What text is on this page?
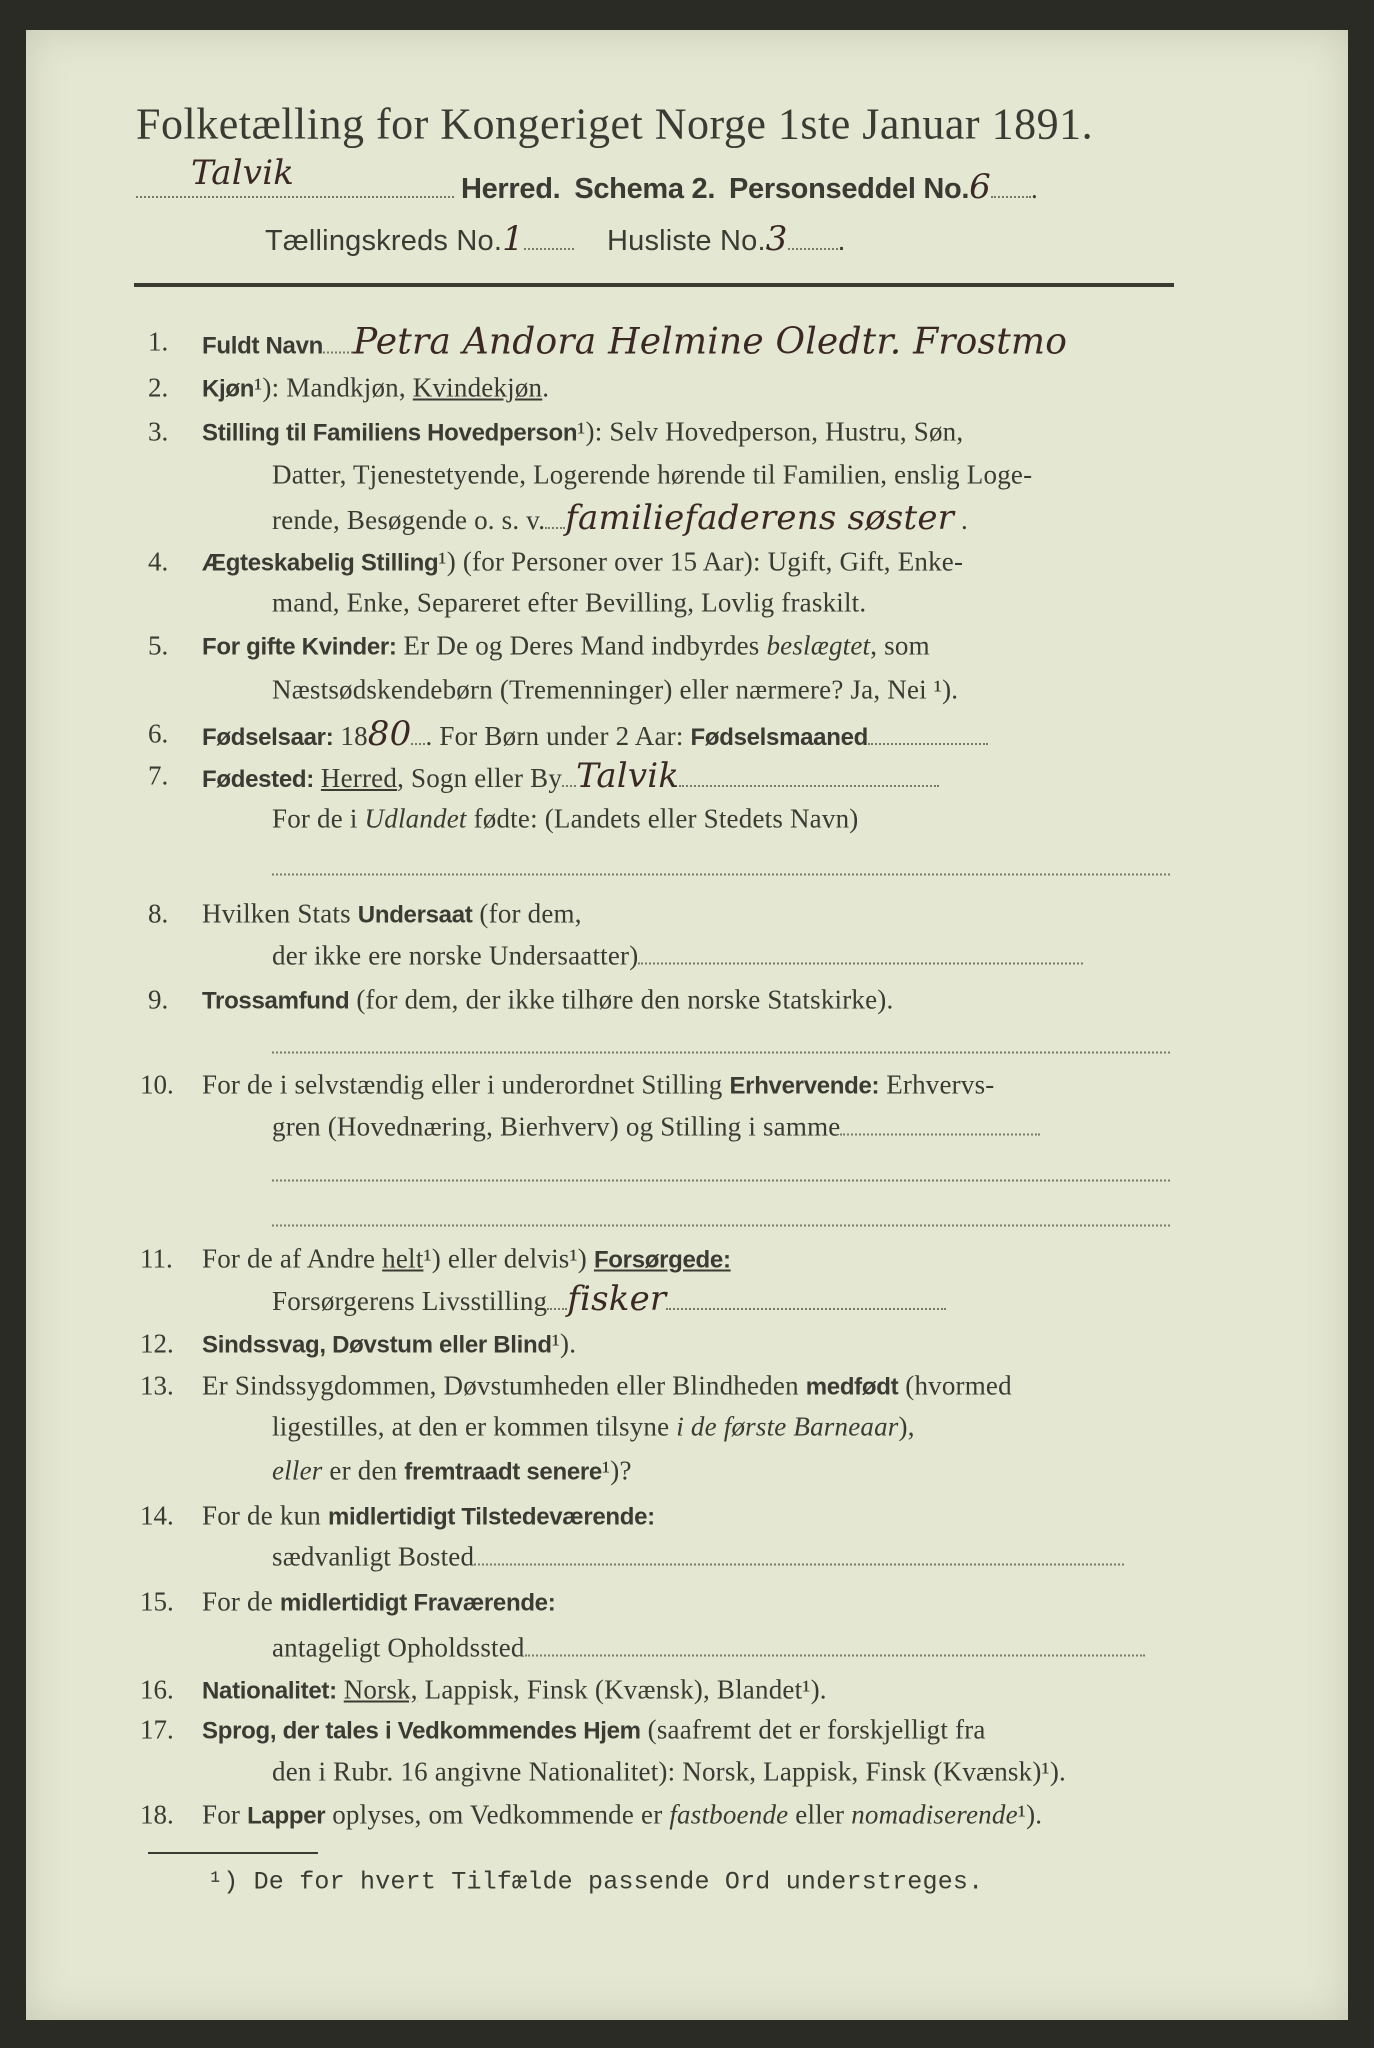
Folketælling for Kongeriget Norge 1ste Januar 1891.
Talvik	Herred. Schema 2. Personseddel No.6 .
Tællingskreds No.1	Husliste No.3 .
1. Fuldt Navn Petra Andora Helmine Oledtr. Frostmo
2. Kjøn¹): Mandkjøn, Kvindekjøn.
3. Stilling til Familiens Hovedperson¹): Selv Hovedperson, Hustru, Søn,
Datter, Tjenestetyende, Logerende hørende til Familien, enslig Loge-
rende, Besøgende o. s. v. familiefaderens søster .
4. Ægteskabelig Stilling¹) (for Personer over 15 Aar): Ugift, Gift, Enke-
mand, Enke, Separeret efter Bevilling, Lovlig fraskilt.
5. For gifte Kvinder: Er De og Deres Mand indbyrdes beslægtet, som
Næstsødskendebørn (Tremenninger) eller nærmere? Ja, Nei ¹).
6. Fødselsaar: 1880 . For Børn under 2 Aar: Fødselsmaaned
7. Fødested: Herred, Sogn eller By Talvik
For de i Udlandet fødte: (Landets eller Stedets Navn)
8. Hvilken Stats Undersaat (for dem,
der ikke ere norske Undersaatter)
9. Trossamfund (for dem, der ikke tilhøre den norske Statskirke).
10. For de i selvstændig eller i underordnet Stilling Erhvervende: Erhvervs-
gren (Hovednæring, Bierhverv) og Stilling i samme
11. For de af Andre helt¹) eller delvis¹) Forsørgede:
Forsørgerens Livsstilling fisker
12. Sindssvag, Døvstum eller Blind¹).
13. Er Sindssygdommen, Døvstumheden eller Blindheden medfødt (hvormed
ligestilles, at den er kommen tilsyne i de første Barneaar),
eller er den fremtraadt senere¹)?
14. For de kun midlertidigt Tilstedeværende:
sædvanligt Bosted
15. For de midlertidigt Fraværende:
antageligt Opholdssted
16. Nationalitet: Norsk, Lappisk, Finsk (Kvænsk), Blandet¹).
17. Sprog, der tales i Vedkommendes Hjem (saafremt det er forskjelligt fra
den i Rubr. 16 angivne Nationalitet): Norsk, Lappisk, Finsk (Kvænsk)¹).
18. For Lapper oplyses, om Vedkommende er fastboende eller nomadiserende¹).
¹) De for hvert Tilfælde passende Ord understreges.
